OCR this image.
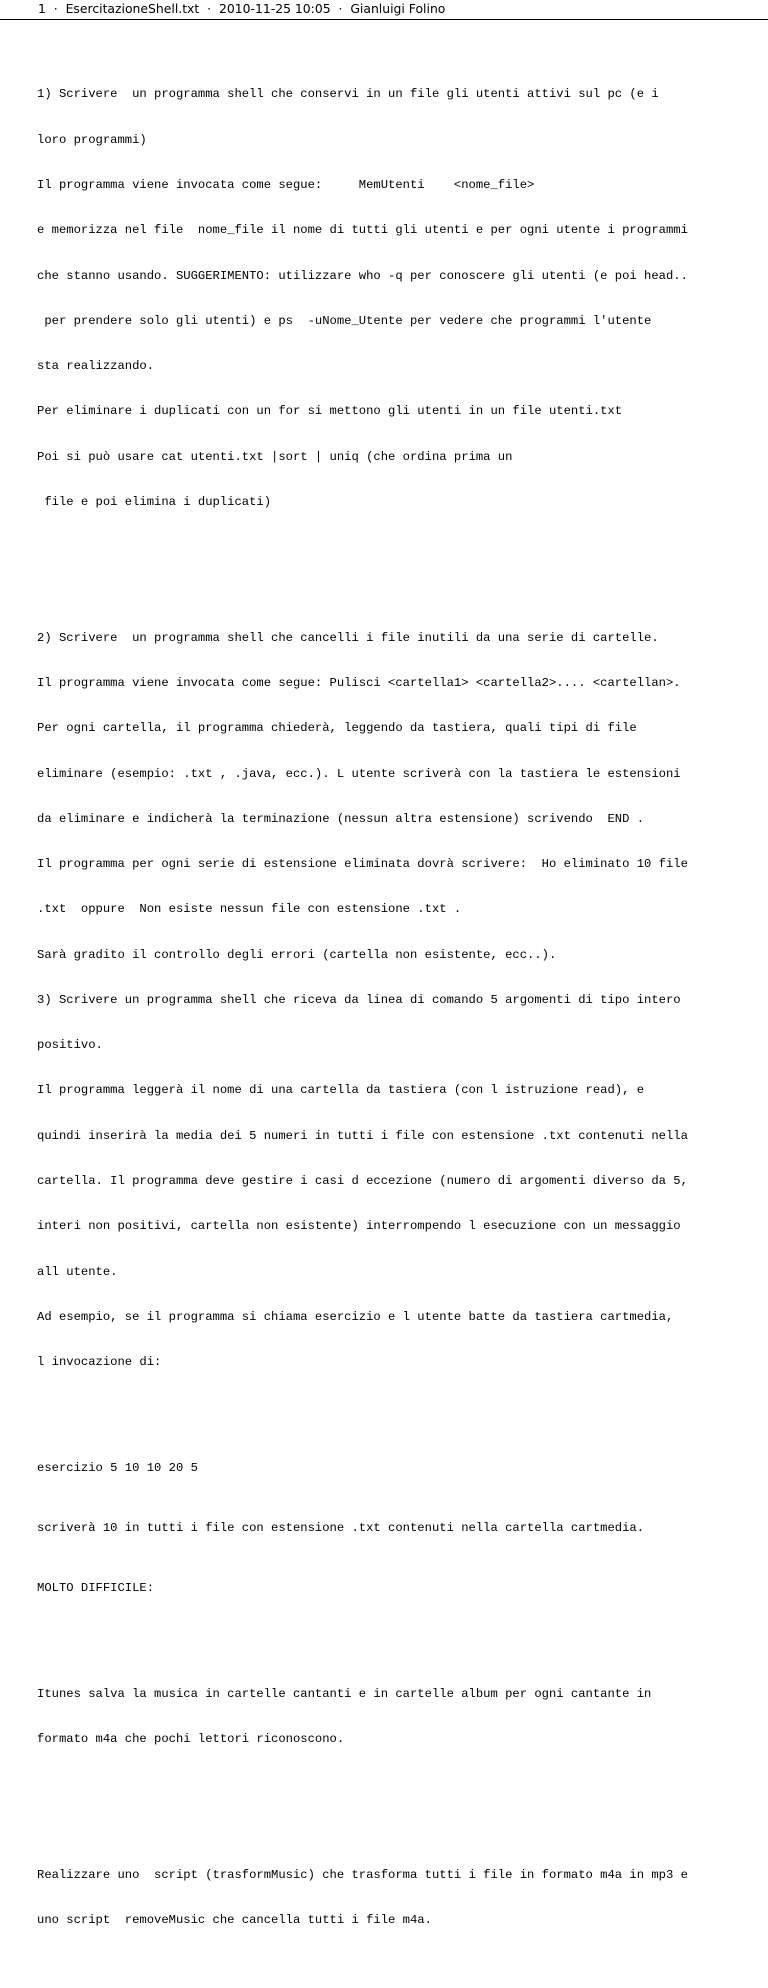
1  ·  EsercitazioneShell.txt  ·  2010-11-25 10:05  ·  Gianluigi Folino

1) Scrivere  un programma shell che conservi in un file gli utenti attivi sul pc (e i

loro programmi)

Il programma viene invocata come segue:     MemUtenti    <nome_file>

e memorizza nel file  nome_file il nome di tutti gli utenti e per ogni utente i programmi

che stanno usando. SUGGERIMENTO: utilizzare who -q per conoscere gli utenti (e poi head..

per prendere solo gli utenti) e ps  -uNome_Utente per vedere che programmi l'utente

sta realizzando.

Per eliminare i duplicati con un for si mettono gli utenti in un file utenti.txt

Poi si può usare cat utenti.txt |sort | uniq (che ordina prima un

file e poi elimina i duplicati)

2) Scrivere  un programma shell che cancelli i file inutili da una serie di cartelle.

Il programma viene invocata come segue: Pulisci <cartella1> <cartella2>.... <cartellan>.

Per ogni cartella, il programma chiederà, leggendo da tastiera, quali tipi di file

eliminare (esempio: .txt , .java, ecc.). L utente scriverà con la tastiera le estensioni

da eliminare e indicherà la terminazione (nessun altra estensione) scrivendo  END .

Il programma per ogni serie di estensione eliminata dovrà scrivere:  Ho eliminato 10 file

.txt  oppure  Non esiste nessun file con estensione .txt .

Sarà gradito il controllo degli errori (cartella non esistente, ecc..).

3) Scrivere un programma shell che riceva da linea di comando 5 argomenti di tipo intero

positivo.

Il programma leggerà il nome di una cartella da tastiera (con l istruzione read), e

quindi inserirà la media dei 5 numeri in tutti i file con estensione .txt contenuti nella

cartella. Il programma deve gestire i casi d eccezione (numero di argomenti diverso da 5,

interi non positivi, cartella non esistente) interrompendo l esecuzione con un messaggio

all utente.

Ad esempio, se il programma si chiama esercizio e l utente batte da tastiera cartmedia,

l invocazione di:

esercizio 5 10 10 20 5

scriverà 10 in tutti i file con estensione .txt contenuti nella cartella cartmedia.

MOLTO DIFFICILE:

Itunes salva la musica in cartelle cantanti e in cartelle album per ogni cantante in

formato m4a che pochi lettori riconoscono.

Realizzare uno  script (trasformMusic) che trasforma tutti i file in formato m4a in mp3 e

uno script  removeMusic che cancella tutti i file m4a.
